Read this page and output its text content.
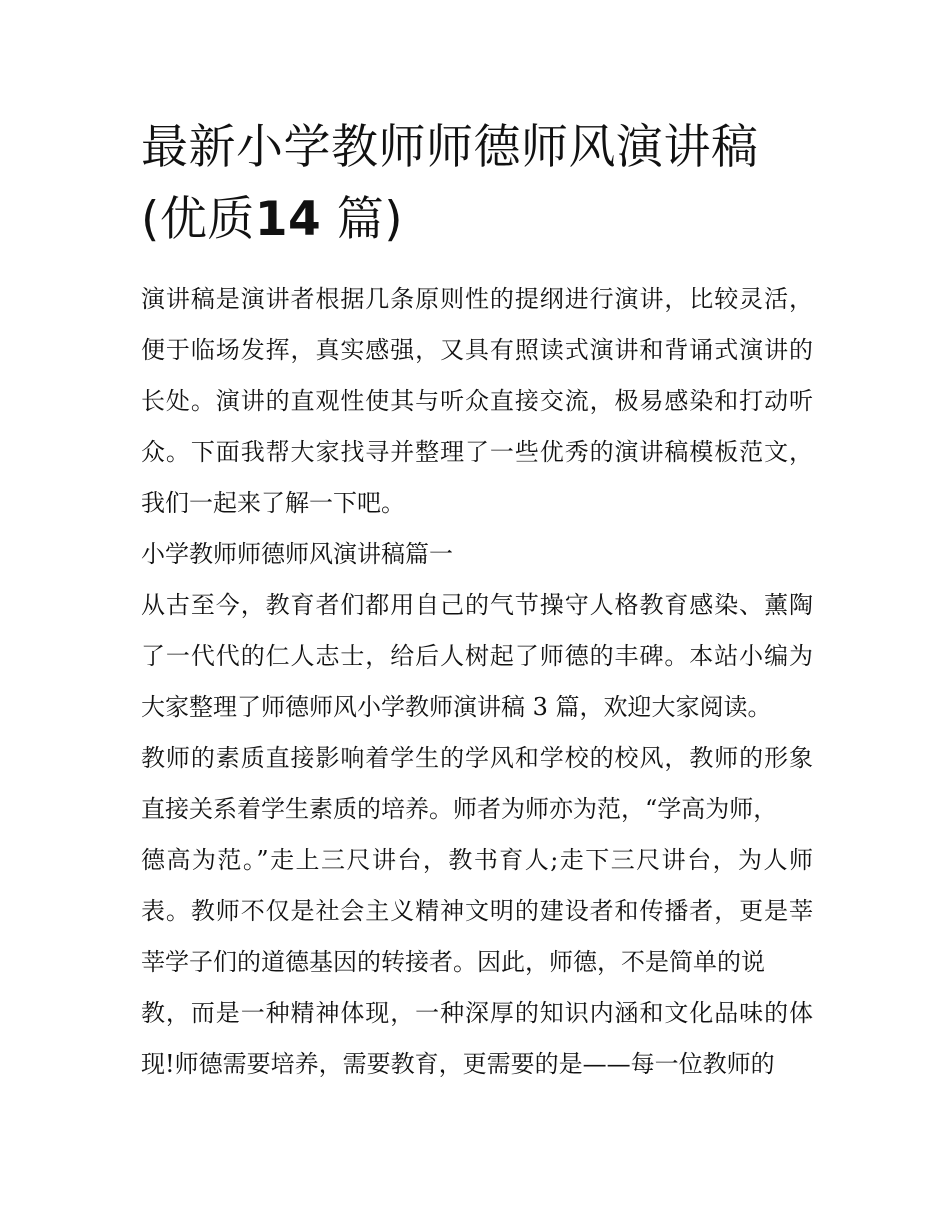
最新小学教师师德师风演讲稿
(优质14 篇)
演讲稿是演讲者根据几条原则性的提纲进行演讲，比较灵活，
便于临场发挥，真实感强，又具有照读式演讲和背诵式演讲的
长处。演讲的直观性使其与听众直接交流，极易感染和打动听
众。下面我帮大家找寻并整理了一些优秀的演讲稿模板范文，
我们一起来了解一下吧。
小学教师师德师风演讲稿篇一
从古至今，教育者们都用自己的气节操守人格教育感染、薰陶
了一代代的仁人志士，给后人树起了师德的丰碑。本站小编为
大家整理了师德师风小学教师演讲稿 3 篇，欢迎大家阅读。
教师的素质直接影响着学生的学风和学校的校风，教师的形象
直接关系着学生素质的培养。师者为师亦为范，“学高为师，
德高为范。”走上三尺讲台，教书育人;走下三尺讲台，为人师
表。教师不仅是社会主义精神文明的建设者和传播者，更是莘
莘学子们的道德基因的转接者。因此，师德，不是简单的说
教，而是一种精神体现，一种深厚的知识内涵和文化品味的体
现!师德需要培养，需要教育，更需要的是——每一位教师的
